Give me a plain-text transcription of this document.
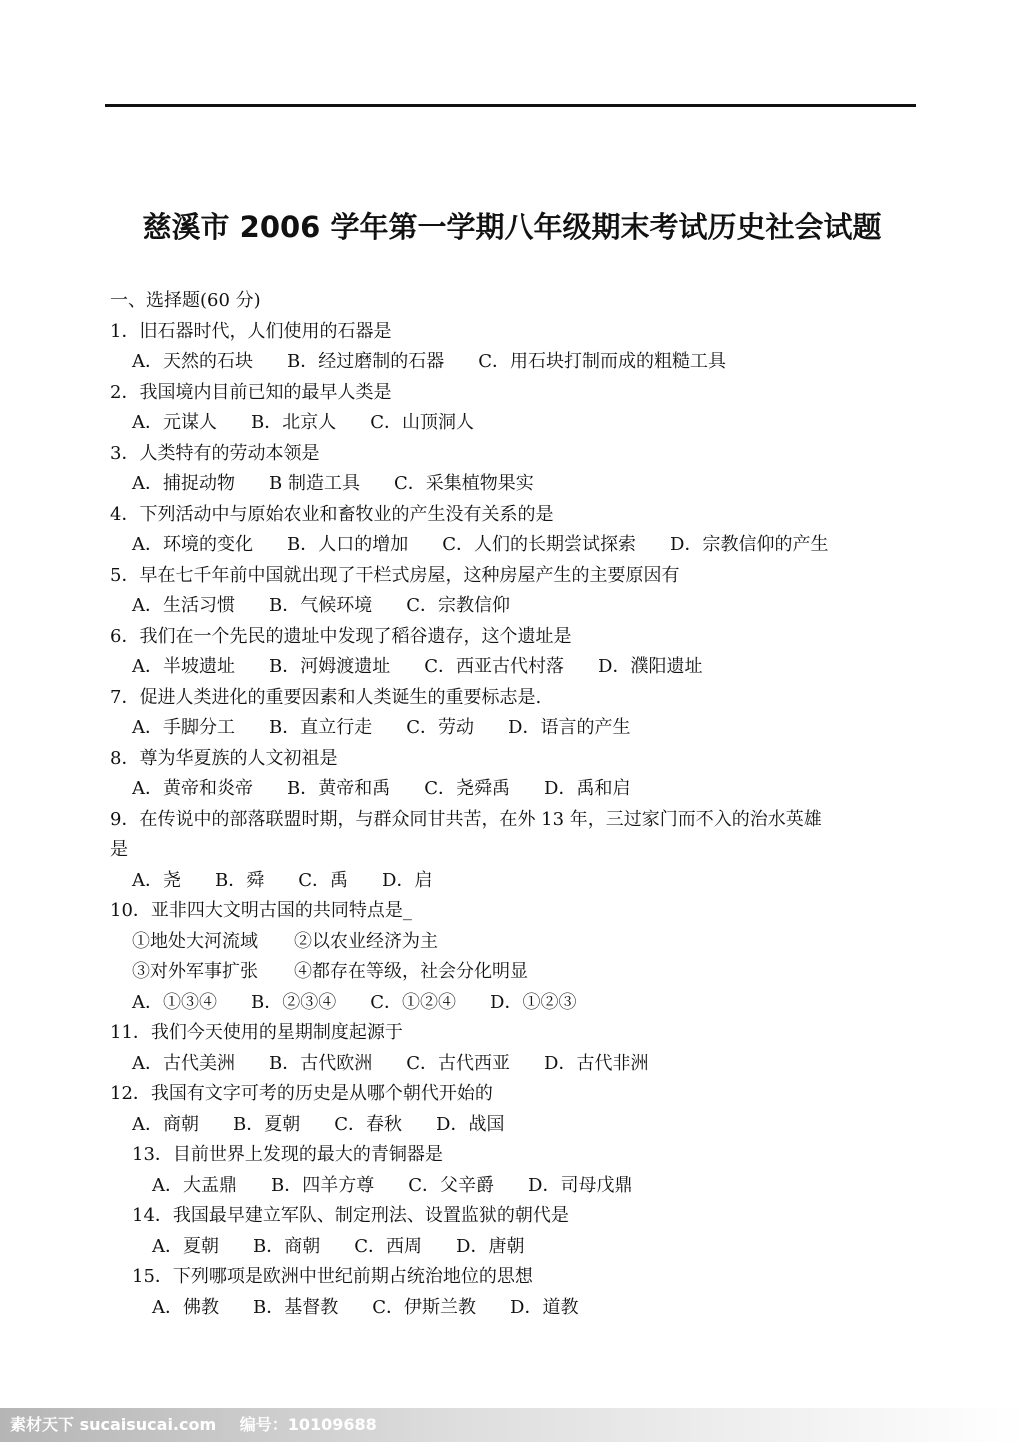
慈溪市 2006 学年第一学期八年级期末考试历史社会试题
一、选择题(60 分)
1．旧石器时代，人们使用的石器是
A．天然的石块 B．经过磨制的石器 C．用石块打制而成的粗糙工具
2．我国境内目前已知的最早人类是
A．元谋人 B．北京人 C．山顶洞人
3．人类特有的劳动本领是
A．捕捉动物 B 制造工具 C．采集植物果实
4．下列活动中与原始农业和畜牧业的产生没有关系的是
A．环境的变化 B．人口的增加 C．人们的长期尝试探索 D．宗教信仰的产生
5．早在七千年前中国就出现了干栏式房屋，这种房屋产生的主要原因有
A．生活习惯 B．气候环境 C．宗教信仰
6．我们在一个先民的遗址中发现了稻谷遗存，这个遗址是
A．半坡遗址 B．河姆渡遗址 C．西亚古代村落 D．濮阳遗址
7．促进人类进化的重要因素和人类诞生的重要标志是.
A．手脚分工 B．直立行走 C．劳动 D．语言的产生
8．尊为华夏族的人文初祖是
A．黄帝和炎帝 B．黄帝和禹 C．尧舜禹 D．禹和启
9．在传说中的部落联盟时期，与群众同甘共苦，在外 13 年，三过家门而不入的治水英雄
是
A．尧 B．舜 C．禹 D．启
10．亚非四大文明古国的共同特点是_
①地处大河流域　　②以农业经济为主
③对外军事扩张　　④都存在等级，社会分化明显
A．①③④ B．②③④ C．①②④ D．①②③
11．我们今天使用的星期制度起源于
A．古代美洲 B．古代欧洲 C．古代西亚 D．古代非洲
12．我国有文字可考的历史是从哪个朝代开始的
A．商朝 B．夏朝 C．春秋 D．战国
13．目前世界上发现的最大的青铜器是
A．大盂鼎 B．四羊方尊 C．父辛爵 D．司母戊鼎
14．我国最早建立军队、制定刑法、设置监狱的朝代是
A．夏朝 B．商朝 C．西周 D．唐朝
15．下列哪项是欧洲中世纪前期占统治地位的思想
A．佛教 B．基督教 C．伊斯兰教 D．道教
素材天下 sucaisucai.com 编号：10109688
